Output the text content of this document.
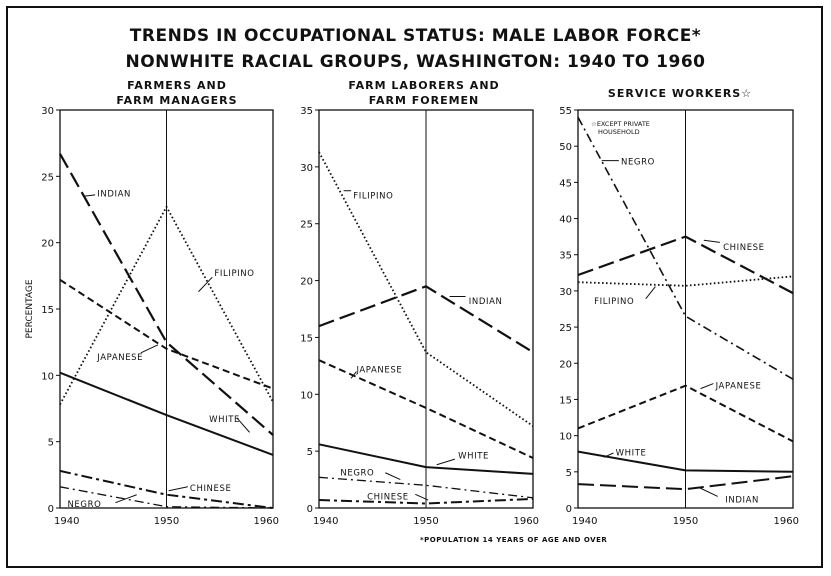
TRENDS IN OCCUPATIONAL STATUS: MALE LABOR FORCE*
NONWHITE RACIAL GROUPS, WASHINGTON: 1940 TO 1960
FARMERS AND
FARM MANAGERS
FARM LABORERS AND
FARM FOREMEN
SERVICE WORKERS☆
*POPULATION 14 YEARS OF AGE AND OVER
0
5
10
15
20
25
30
1940	1950	1960
PERCENTAGE
INDIAN
FILIPINO
JAPANESE
WHITE
CHINESE
NEGRO	0
5
10
15
20
25
30
35
1940	1950	1960
FILIPINO
INDIAN
JAPANESE
WHITE
NEGRO
CHINESE
0
5
10
15
20
25
30
35
40
45
50
55
1940	1950	1960
☆EXCEPT PRIVATE
HOUSEHOLD
NEGRO
CHINESE
FILIPINO
JAPANESE
WHITE
INDIAN
